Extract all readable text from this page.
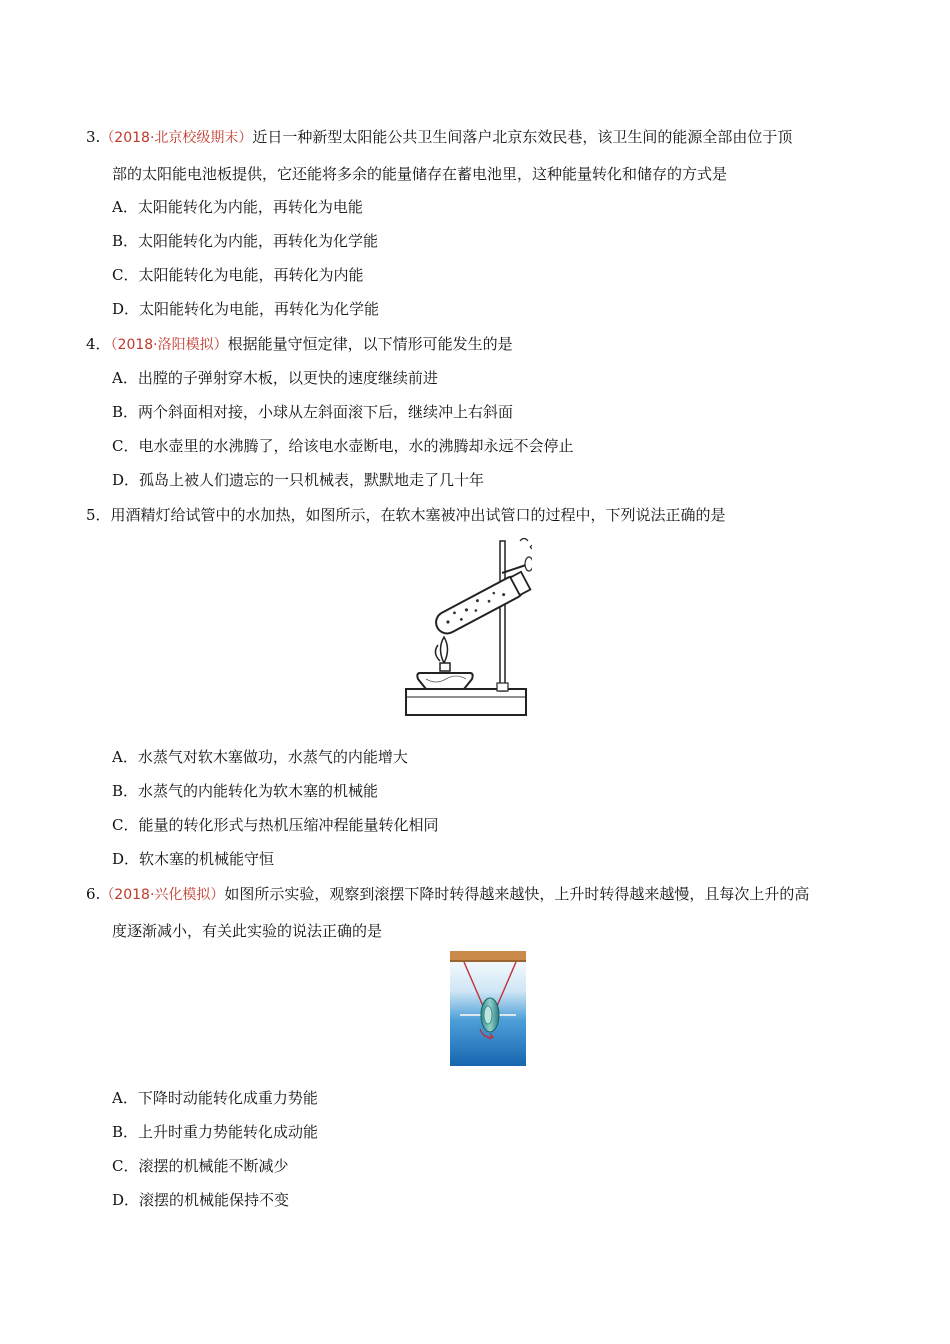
3.（2018·北京校级期末）近日一种新型太阳能公共卫生间落户北京东效民巷，该卫生间的能源全部由位于顶
部的太阳能电池板提供，它还能将多余的能量储存在蓄电池里，这种能量转化和储存的方式是
A．太阳能转化为内能，再转化为电能
B．太阳能转化为内能，再转化为化学能
C．太阳能转化为电能，再转化为内能
D．太阳能转化为电能，再转化为化学能
4．（2018·洛阳模拟）根据能量守恒定律，以下情形可能发生的是
A．出膛的子弹射穿木板，以更快的速度继续前进
B．两个斜面相对接，小球从左斜面滚下后，继续冲上右斜面
C．电水壶里的水沸腾了，给该电水壶断电，水的沸腾却永远不会停止
D．孤岛上被人们遗忘的一只机械表，默默地走了几十年
5．用酒精灯给试管中的水加热，如图所示，在软木塞被冲出试管口的过程中，下列说法正确的是
A．水蒸气对软木塞做功，水蒸气的内能增大
B．水蒸气的内能转化为软木塞的机械能
C．能量的转化形式与热机压缩冲程能量转化相同
D．软木塞的机械能守恒
6.（2018·兴化模拟）如图所示实验，观察到滚摆下降时转得越来越快，上升时转得越来越慢，且每次上升的高
度逐渐减小，有关此实验的说法正确的是
A．下降时动能转化成重力势能
B．上升时重力势能转化成动能
C．滚摆的机械能不断减少
D．滚摆的机械能保持不变
